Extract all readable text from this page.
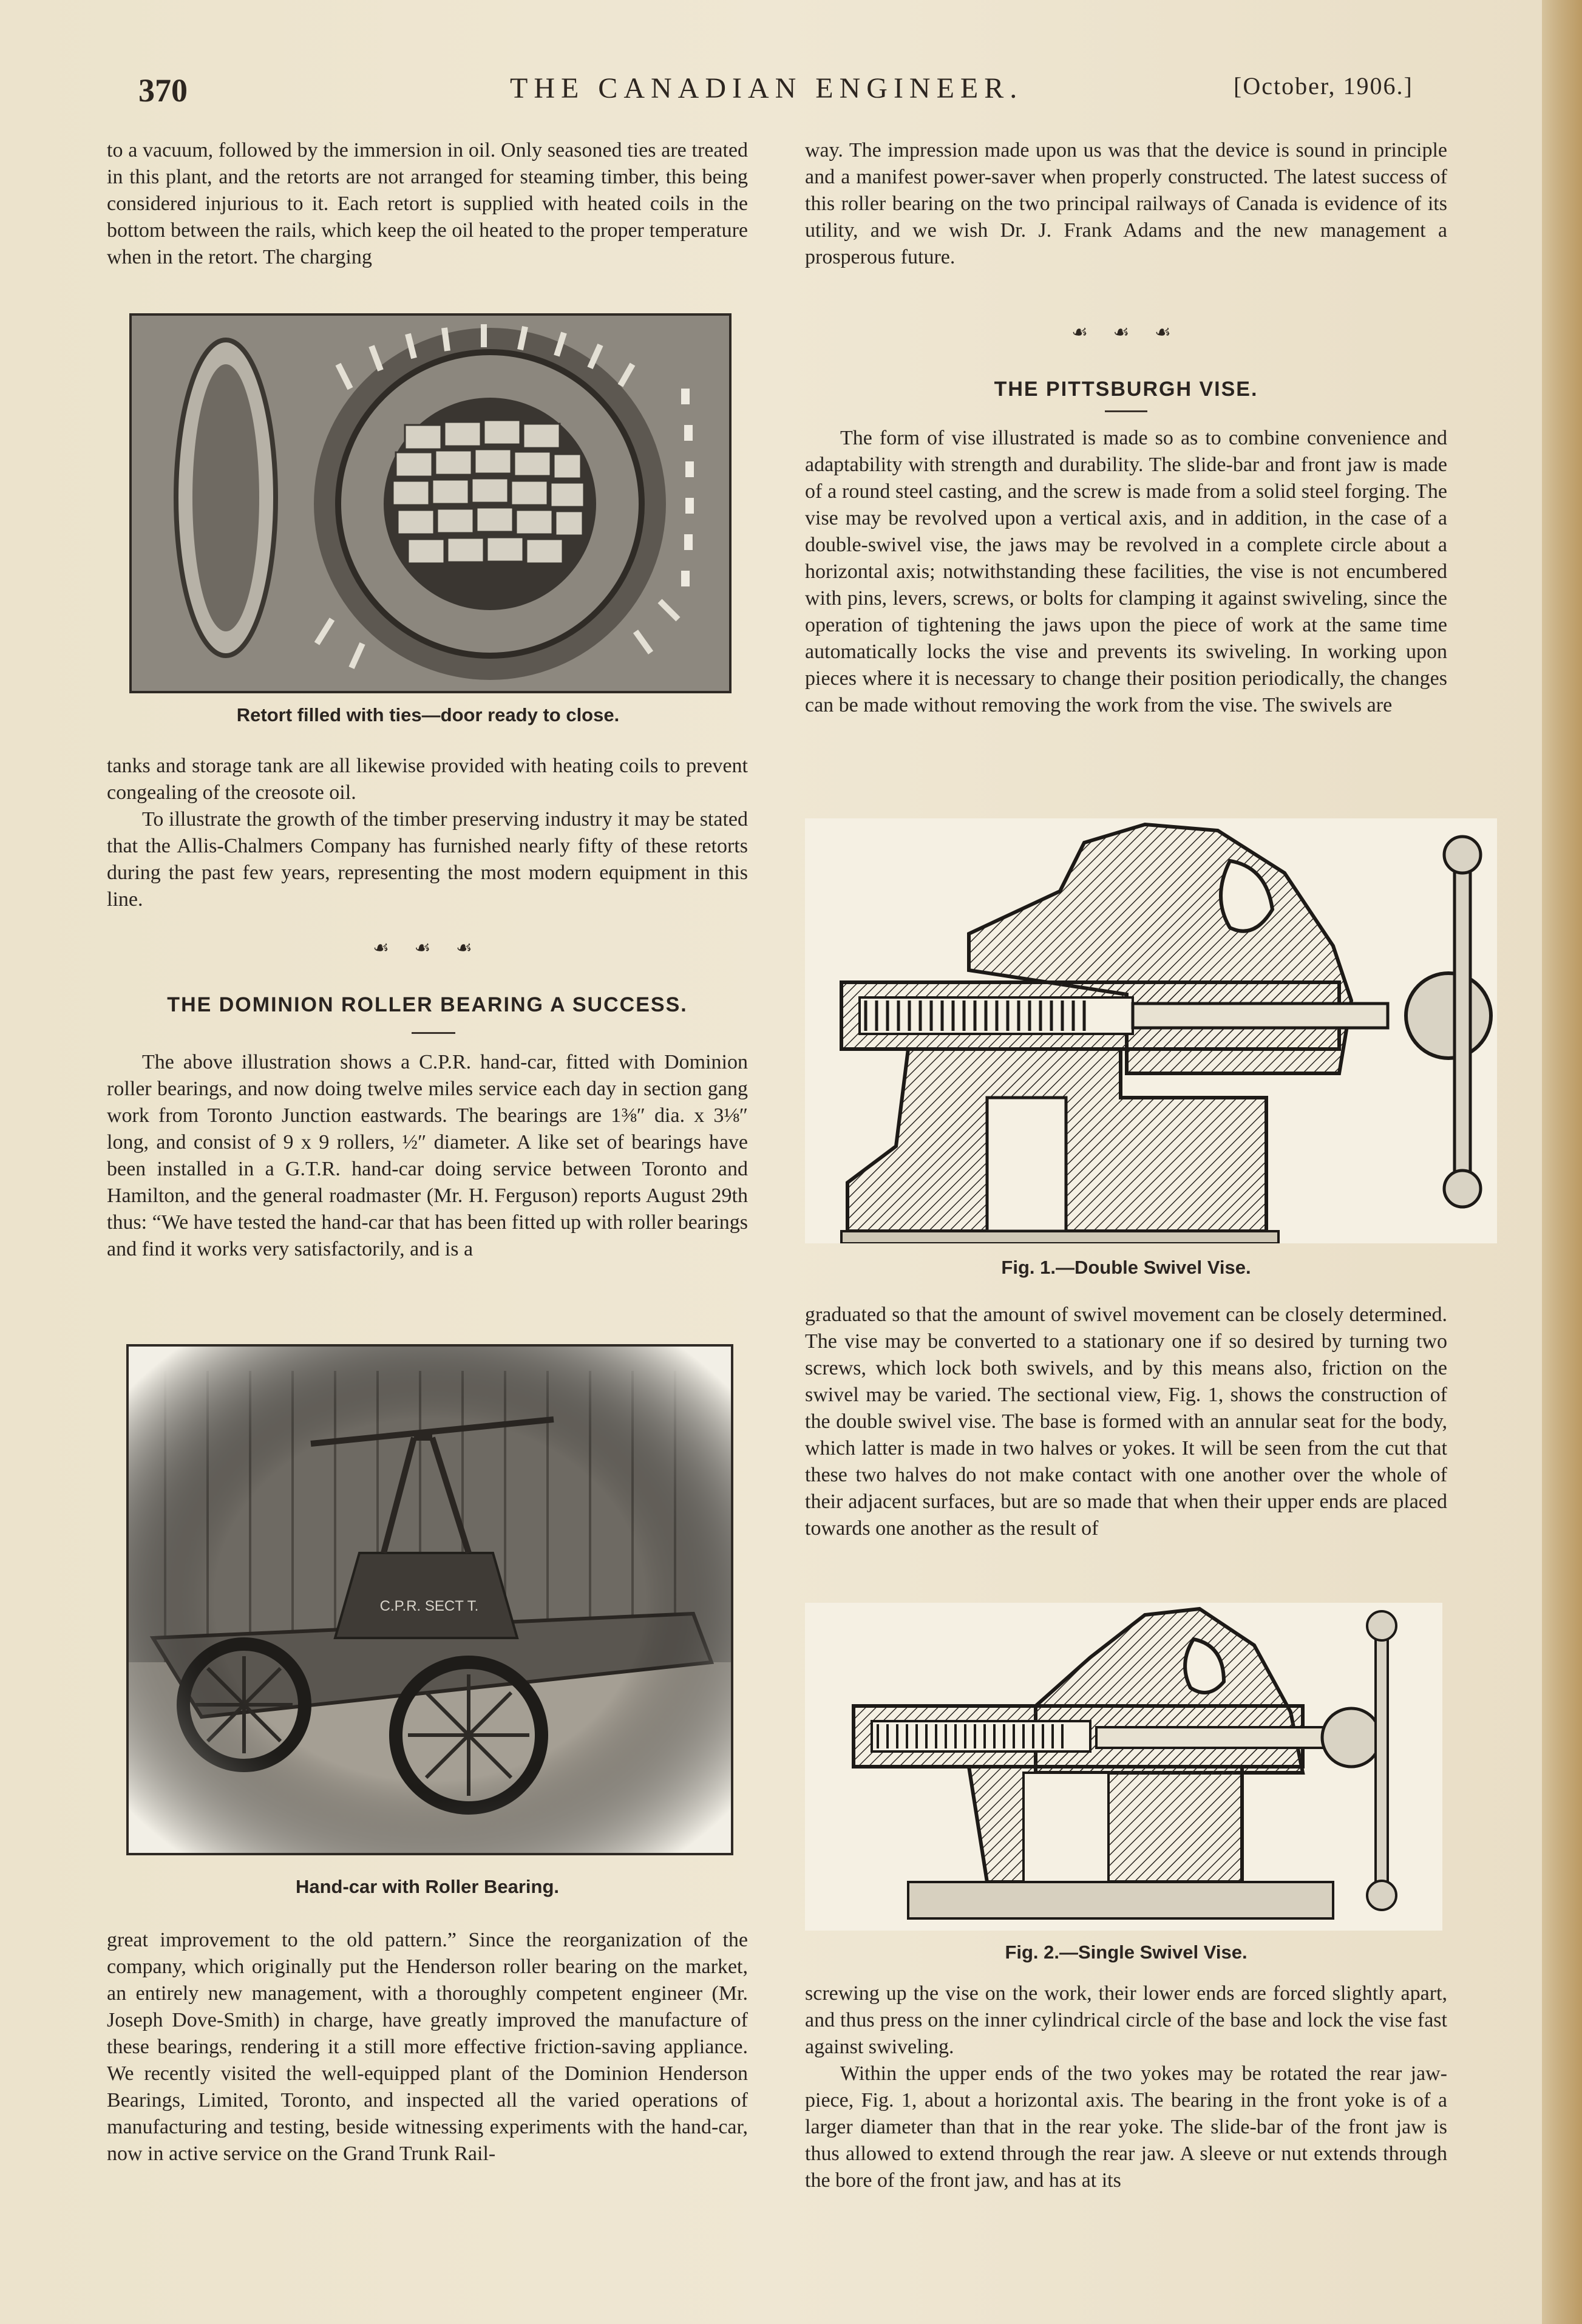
370	THE CANADIAN ENGINEER.	[October, 1906.]

to a vacuum, followed by the immersion in oil. Only seasoned ties are treated in this plant, and the retorts are not arranged for steaming timber, this being considered injurious to it. Each retort is supplied with heated coils in the bottom between the rails, which keep the oil heated to the proper temperature when in the retort. The charging

Retort filled with ties—door ready to close.

tanks and storage tank are all likewise provided with heating coils to prevent congealing of the creosote oil.

To illustrate the growth of the timber preserving industry it may be stated that the Allis-Chalmers Company has furnished nearly fifty of these retorts during the past few years, representing the most modern equipment in this line.

☙ ☙ ☙
THE DOMINION ROLLER BEARING A SUCCESS.

The above illustration shows a C.P.R. hand-car, fitted with Dominion roller bearings, and now doing twelve miles service each day in section gang work from Toronto Junction eastwards. The bearings are 1⅜″ dia. x 3⅛″ long, and consist of 9 x 9 rollers, ½″ diameter. A like set of bearings have been installed in a G.T.R. hand-car doing service between Toronto and Hamilton, and the general roadmaster (Mr. H. Ferguson) reports August 29th thus: “We have tested the hand-car that has been fitted up with roller bearings and find it works very satisfactorily, and is a

Hand-car with Roller Bearing.

great improvement to the old pattern.” Since the reorganization of the company, which originally put the Henderson roller bearing on the market, an entirely new management, with a thoroughly competent engineer (Mr. Joseph Dove-Smith) in charge, have greatly improved the manufacture of these bearings, rendering it a still more effective friction-saving appliance. We recently visited the well-equipped plant of the Dominion Henderson Bearings, Limited, Toronto, and inspected all the varied operations of manufacturing and testing, beside witnessing experiments with the hand-car, now in active service on the Grand Trunk Rail-

way. The impression made upon us was that the device is sound in principle and a manifest power-saver when properly constructed. The latest success of this roller bearing on the two principal railways of Canada is evidence of its utility, and we wish Dr. J. Frank Adams and the new management a prosperous future.

☙ ☙ ☙
THE PITTSBURGH VISE.

The form of vise illustrated is made so as to combine convenience and adaptability with strength and durability. The slide-bar and front jaw is made of a round steel casting, and the screw is made from a solid steel forging. The vise may be revolved upon a vertical axis, and in addition, in the case of a double-swivel vise, the jaws may be revolved in a complete circle about a horizontal axis; notwithstanding these facilities, the vise is not encumbered with pins, levers, screws, or bolts for clamping it against swiveling, since the operation of tightening the jaws upon the piece of work at the same time automatically locks the vise and prevents its swiveling. In working upon pieces where it is necessary to change their position periodically, the changes can be made without removing the work from the vise. The swivels are

Fig. 1.—Double Swivel Vise.

graduated so that the amount of swivel movement can be closely determined. The vise may be converted to a stationary one if so desired by turning two screws, which lock both swivels, and by this means also, friction on the swivel may be varied. The sectional view, Fig. 1, shows the construction of the double swivel vise. The base is formed with an annular seat for the body, which latter is made in two halves or yokes. It will be seen from the cut that these two halves do not make contact with one another over the whole of their adjacent surfaces, but are so made that when their upper ends are placed towards one another as the result of

Fig. 2.—Single Swivel Vise.

screwing up the vise on the work, their lower ends are forced slightly apart, and thus press on the inner cylindrical circle of the base and lock the vise fast against swiveling.

Within the upper ends of the two yokes may be rotated the rear jaw-piece, Fig. 1, about a horizontal axis. The bearing in the front yoke is of a larger diameter than that in the rear yoke. The slide-bar of the front jaw is thus allowed to extend through the rear jaw. A sleeve or nut extends through the bore of the front jaw, and has at its
